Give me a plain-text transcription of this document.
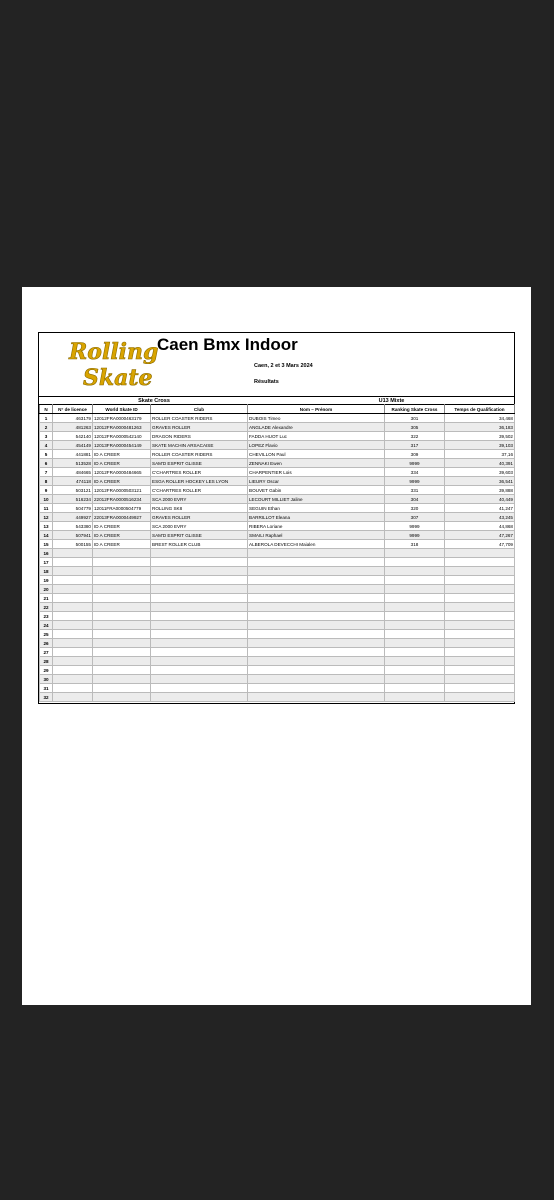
Rolling
Skate
Caen Bmx Indoor
Caen, 2 et 3 Mars 2024
Résultats
Skate Cross	U13 Mixte
N	N° de licence	World Skate ID	Club	Nom – Prénom	Ranking Skate Cross	Temps de Qualification
1	463179	12012FRA0000463179	ROLLER COASTER RIDERS	DUBOIS Timeo	301	34,468
2	481263	12012FRA0000481263	GRAVES ROLLER	ANGLADE Alexandre	305	36,183
3	542140	12012FRA0000542140	DRAGON RIDERS	FADDA HUOT Luc	322	39,502
4	454149	12013FRA0000454149	SKATE MACHIN ARSACAISE	LOPEZ Flavio	317	39,103
5	441881	ID A CREER	ROLLER COASTER RIDERS	CHEVILLON Paul	309	37,16
6	513528	ID A CREER	SAM'D ESPRIT GLISSE	ZENNAKI Ewen	9999	40,391
7	484665	12012FRA0000484665	C'CHARTRES ROLLER	CHARPENTIER Lois	334	39,603
8	474118	ID A CREER	ESGA ROLLER HOCKEY LES LYON	LIEURY Oscar	9999	36,541
9	503121	12012FRA0000503121	C'CHARTRES ROLLER	BOUVET Gabin	331	39,888
10	516234	22012FRA0000516234	SCA 2000 EVRY	LECOURT MILLIET Jaline	304	40,449
11	504779	12011FRA0000504779	ROLLING SK8	SEGUIN Ethan	320	41,247
12	449927	22013FRA0000449927	GRAVES ROLLER	BARRILLOT Eleana	307	43,245
13	543380	ID A CREER	SCA 2000 EVRY	RIBERA Loriane	9999	44,868
14	507941	ID A CREER	SAM'D ESPRIT GLISSE	SMAILI Raphael	9999	47,267
15	500155	ID A CREER	BREST ROLLER CLUB	ALBEROLA DEVECCHI Maialen	318	47,709
16						
17						
18						
19						
20						
21						
22						
23						
24						
25						
26						
27						
28						
29						
30						
31						
32						
